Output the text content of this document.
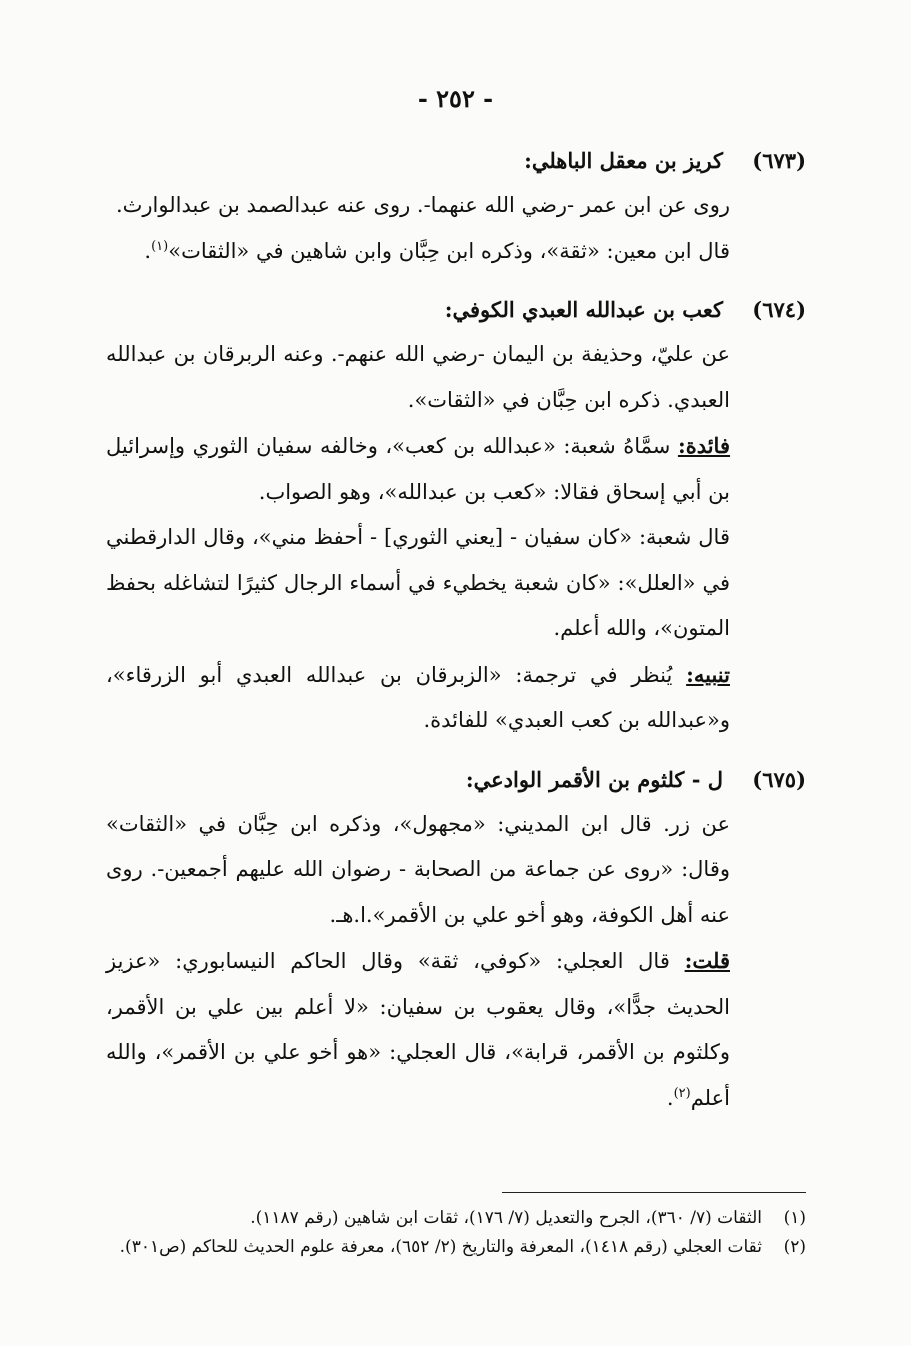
- ٢٥٢ -
(٦٧٣)    كريز بن معقل الباهلي:

روى عن ابن عمر -رضي الله عنهما-. روى عنه عبدالصمد بن عبدالوارث.

قال ابن معين: «ثقة»، وذكره ابن حِبَّان وابن شاهين في «الثقات»$^{(١)}$.

(٦٧٤)    كعب بن عبدالله العبدي الكوفي:

عن عليّ، وحذيفة بن اليمان -رضي الله عنهم-. وعنه الربرقان بن عبدالله العبدي. ذكره ابن حِبَّان في «الثقات».

فائدة: سمَّاهُ شعبة: «عبدالله بن كعب»، وخالفه سفيان الثوري وإسرائيل بن أبي إسحاق فقالا: «كعب بن عبدالله»، وهو الصواب.

قال شعبة: «كان سفيان - [يعني الثوري] - أحفظ مني»، وقال الدارقطني في «العلل»: «كان شعبة يخطيء في أسماء الرجال كثيرًا لتشاغله بحفظ المتون»، والله أعلم.

تنبيه: يُنظر في ترجمة: «الزبرقان بن عبدالله العبدي أبو الزرقاء»، و«عبدالله بن كعب العبدي» للفائدة.

(٦٧٥)    ل - كلثوم بن الأقمر الوادعي:

عن زر. قال ابن المديني: «مجهول»، وذكره ابن حِبَّان في «الثقات» وقال: «روى عن جماعة من الصحابة - رضوان الله عليهم أجمعين-. روى عنه أهل الكوفة، وهو أخو علي بن الأقمر».ا.هـ.

قلت: قال العجلي: «كوفي، ثقة» وقال الحاكم النيسابوري: «عزيز الحديث جدًّا»، وقال يعقوب بن سفيان: «لا أعلم بين علي بن الأقمر، وكلثوم بن الأقمر، قرابة»، قال العجلي: «هو أخو علي بن الأقمر»، والله أعلم$^{(٢)}$.

(١)
الثقات (٧/ ٣٦٠)، الجرح والتعديل (٧/ ١٧٦)، ثقات ابن شاهين (رقم ١١٨٧).
(٢)
ثقات العجلي (رقم ١٤١٨)، المعرفة والتاريخ (٢/ ٦٥٢)، معرفة علوم الحديث للحاكم (ص٣٠١).
